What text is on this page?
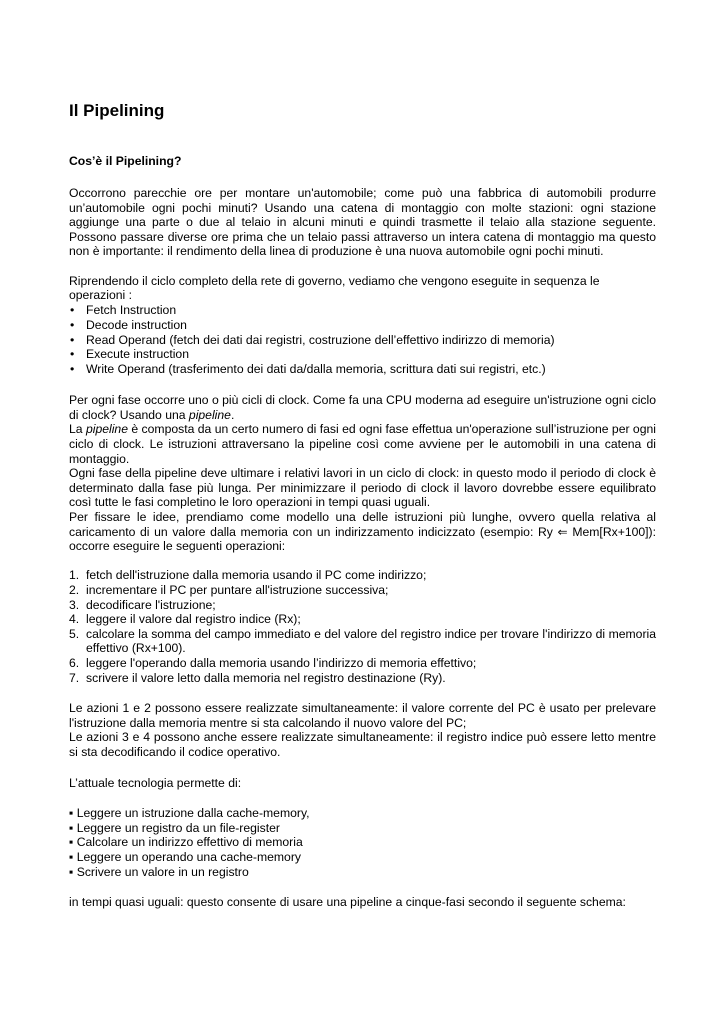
Il Pipelining
Cos’è il Pipelining?

Occorrono parecchie ore per montare un'automobile; come può una fabbrica di automobili produrre un’automobile ogni pochi minuti? Usando una catena di montaggio con molte stazioni: ogni stazione aggiunge una parte o due al telaio in alcuni minuti e quindi trasmette il telaio alla stazione seguente. Possono passare diverse ore prima che un telaio passi attraverso un intera catena di montaggio ma questo non è importante: il rendimento della linea di produzione è una nuova automobile ogni pochi minuti.

Riprendendo il ciclo completo della rete di governo, vediamo che vengono eseguite in sequenza le operazioni :

• Fetch Instruction
• Decode instruction
• Read Operand (fetch dei dati dai registri, costruzione dell’effettivo indirizzo di memoria)
• Execute instruction
• Write Operand (trasferimento dei dati da/dalla memoria, scrittura dati sui registri, etc.)

Per ogni fase occorre uno o più cicli di clock. Come fa una CPU moderna ad eseguire un'istruzione ogni ciclo di clock? Usando una pipeline.

La pipeline è composta da un certo numero di fasi ed ogni fase effettua un'operazione sull’istruzione per ogni ciclo di clock. Le istruzioni attraversano la pipeline così come avviene per le automobili in una catena di montaggio.

Ogni fase della pipeline deve ultimare i relativi lavori in un ciclo di clock: in questo modo il periodo di clock è determinato dalla fase più lunga. Per minimizzare il periodo di clock il lavoro dovrebbe essere equilibrato così tutte le fasi completino le loro operazioni in tempi quasi uguali.

Per fissare le idee, prendiamo come modello una delle istruzioni più lunghe, ovvero quella relativa al caricamento di un valore dalla memoria con un indirizzamento indicizzato (esempio: Ry ⇐ Mem[Rx+100]): occorre eseguire le seguenti operazioni:

1. fetch dell'istruzione dalla memoria usando il PC come indirizzo;
2. incrementare il PC per puntare all'istruzione successiva;
3. decodificare l'istruzione;
4. leggere il valore dal registro indice (Rx);
5. calcolare la somma del campo immediato e del valore del registro indice per trovare l'indirizzo di memoria effettivo (Rx+100).
6. leggere l'operando dalla memoria usando l’indirizzo di memoria effettivo;
7. scrivere il valore letto dalla memoria nel registro destinazione (Ry).

Le azioni 1 e 2 possono essere realizzate simultaneamente: il valore corrente del PC è usato per prelevare l'istruzione dalla memoria mentre si sta calcolando il nuovo valore del PC;

Le azioni 3 e 4 possono anche essere realizzate simultaneamente: il registro indice può essere letto mentre si sta decodificando il codice operativo.

L’attuale tecnologia permette di:

▪ Leggere un istruzione dalla cache-memory,
▪ Leggere un registro da un file-register
▪ Calcolare un indirizzo effettivo di memoria
▪ Leggere un operando una cache-memory
▪ Scrivere un valore in un registro

in tempi quasi uguali: questo consente di usare una pipeline a cinque-fasi secondo il seguente schema:
